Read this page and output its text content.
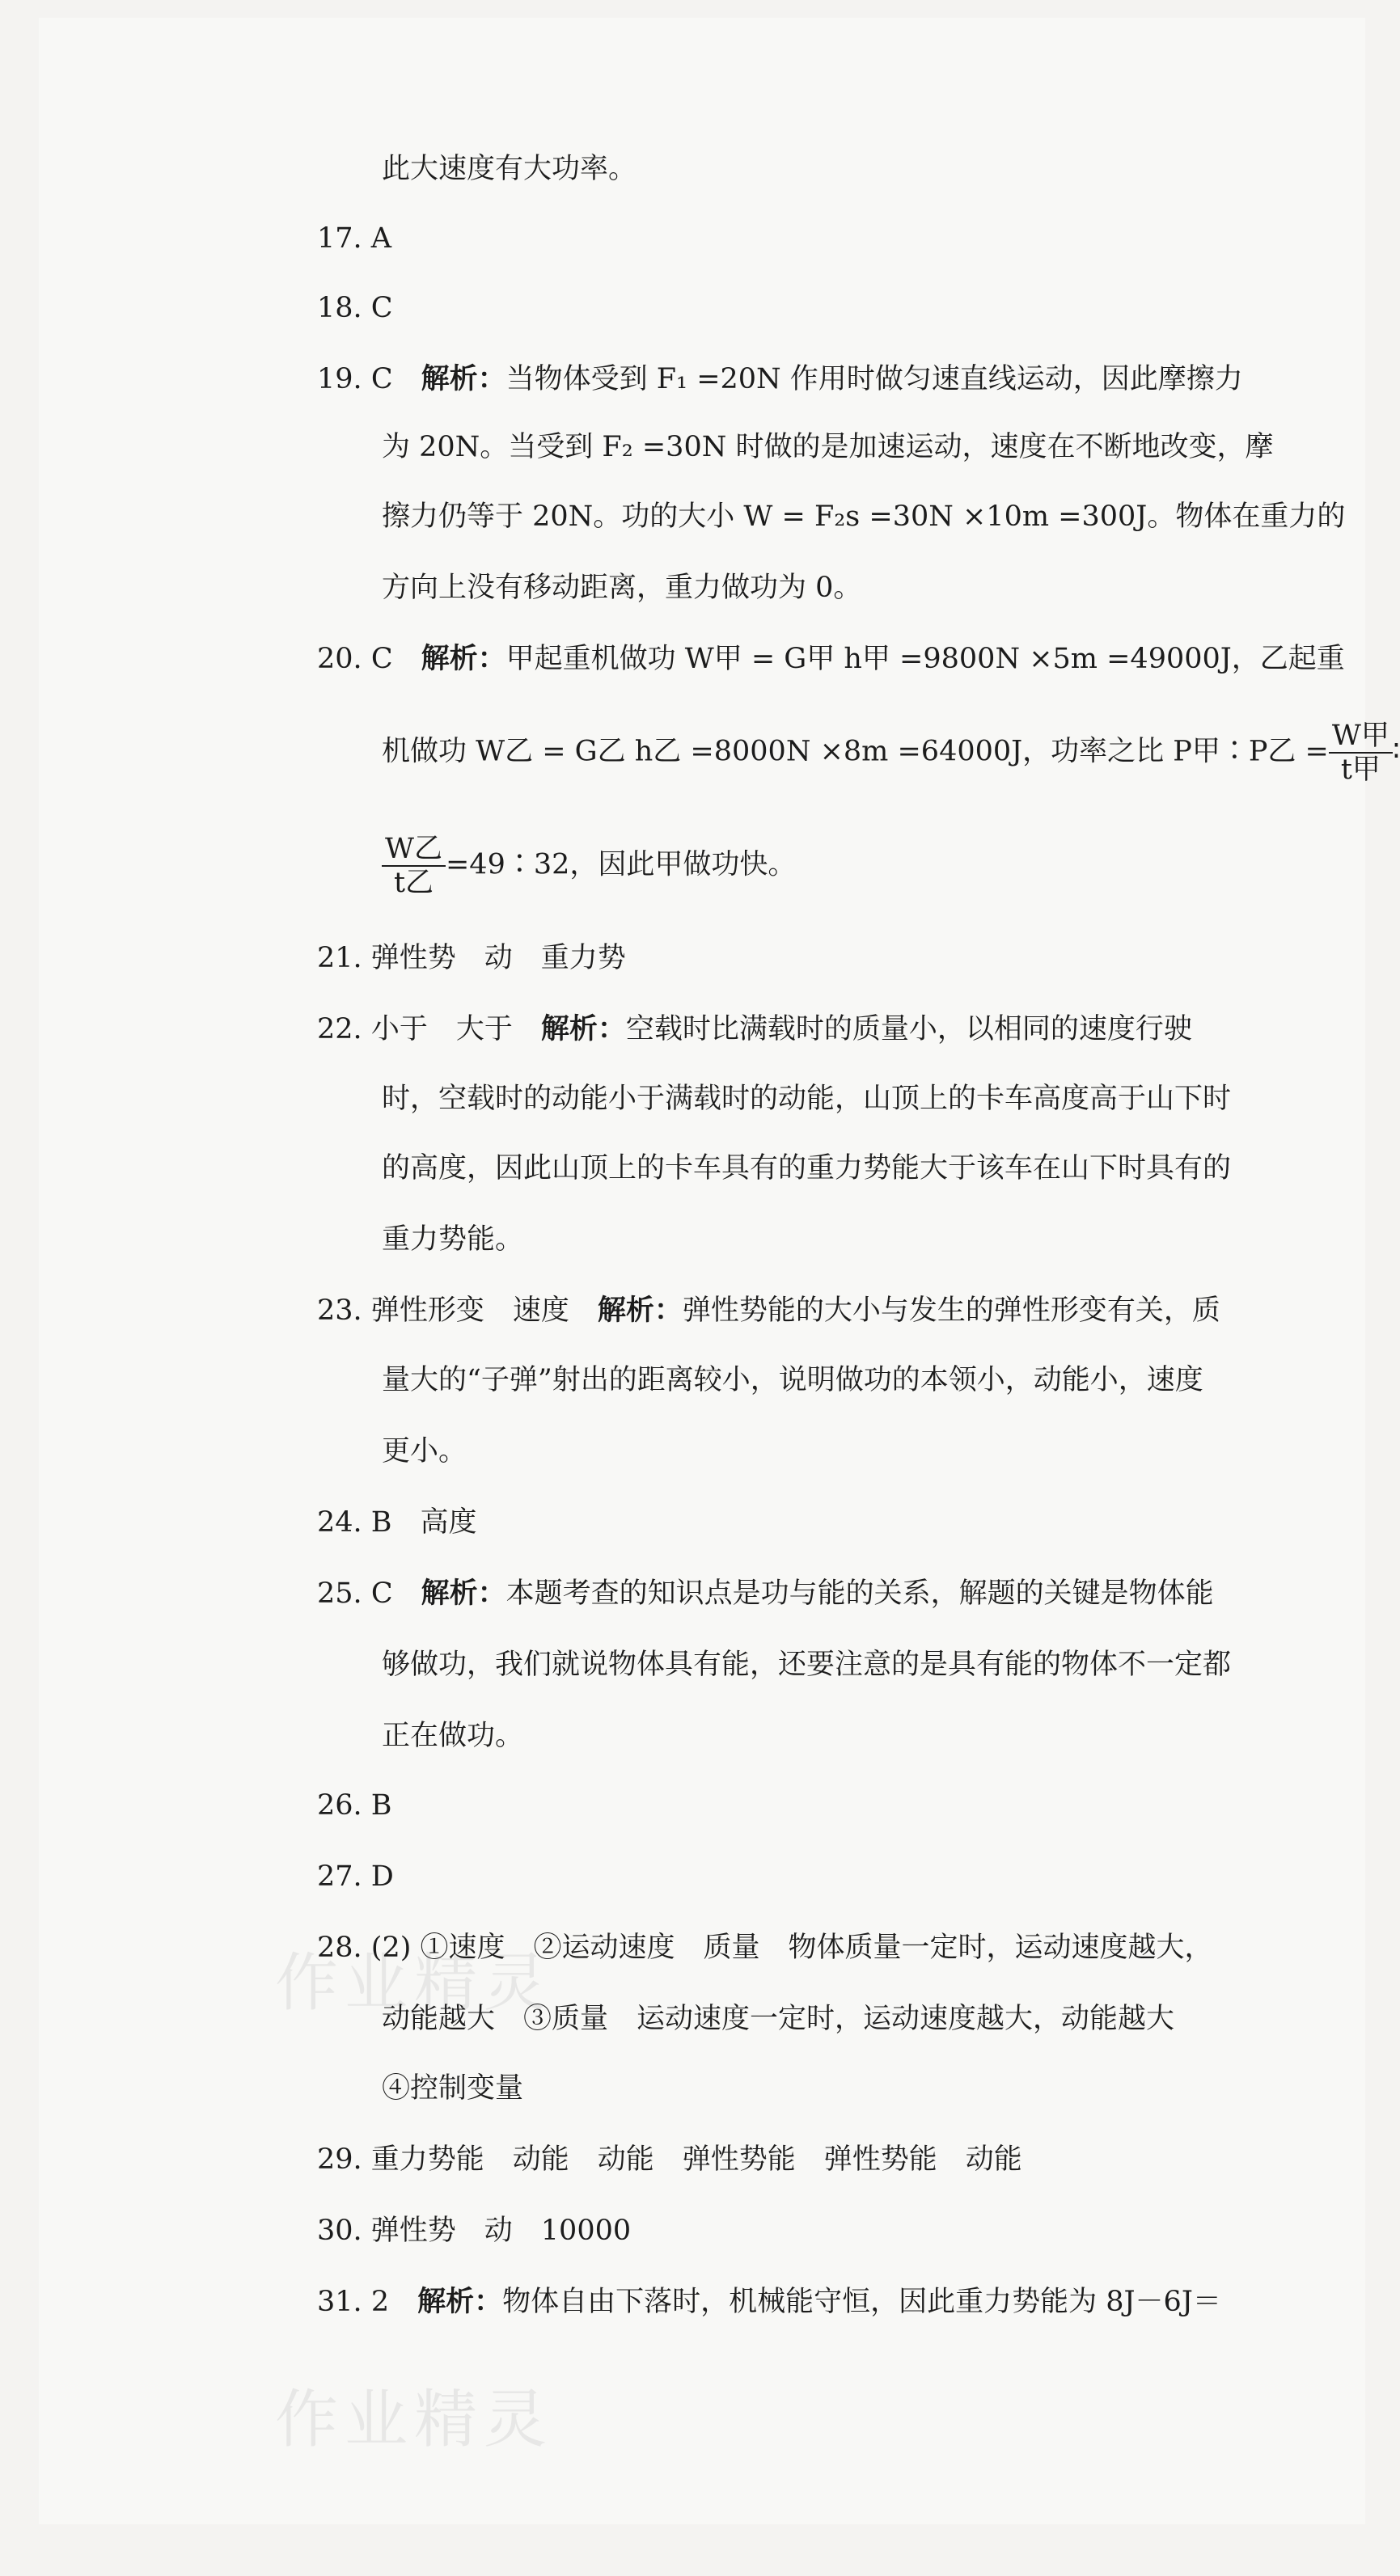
作业精灵
作业精灵
此大速度有大功率。
17. A
18. C
19. C　 解析：当物体受到 F₁ =20N 作用时做匀速直线运动，因此摩擦力
为 20N。当受到 F₂ =30N 时做的是加速运动，速度在不断地改变，摩
擦力仍等于 20N。功的大小 W = F₂s =30N ×10m =300J。物体在重力的
方向上没有移动距离，重力做功为 0。
20. C　 解析：甲起重机做功 W甲 = G甲 h甲 =9800N ×5m =49000J，乙起重
机做功 W乙 = G乙 h乙 =8000N ×8m =64000J，功率之比 P甲∶P乙 = $\frac{\text{W甲}}{\text{t甲}}$ ∶
$\frac{\text{W乙}}{\text{t乙}}$ =49∶32，因此甲做功快。
21. 弹性势　动　重力势
22. 小于　大于　 解析：空载时比满载时的质量小，以相同的速度行驶
时，空载时的动能小于满载时的动能，山顶上的卡车高度高于山下时
的高度，因此山顶上的卡车具有的重力势能大于该车在山下时具有的
重力势能。
23. 弹性形变　速度　 解析：弹性势能的大小与发生的弹性形变有关，质
量大的“子弹”射出的距离较小，说明做功的本领小，动能小，速度
更小。
24. B　高度
25. C　 解析：本题考查的知识点是功与能的关系，解题的关键是物体能
够做功，我们就说物体具有能，还要注意的是具有能的物体不一定都
正在做功。
26. B
27. D
28. (2) ①速度　②运动速度　质量　物体质量一定时，运动速度越大，
动能越大　③质量　运动速度一定时，运动速度越大，动能越大
④控制变量
29. 重力势能　动能　动能　弹性势能　弹性势能　动能
30. 弹性势　动　10000
31. 2　 解析：物体自由下落时，机械能守恒，因此重力势能为 8J－6J＝
